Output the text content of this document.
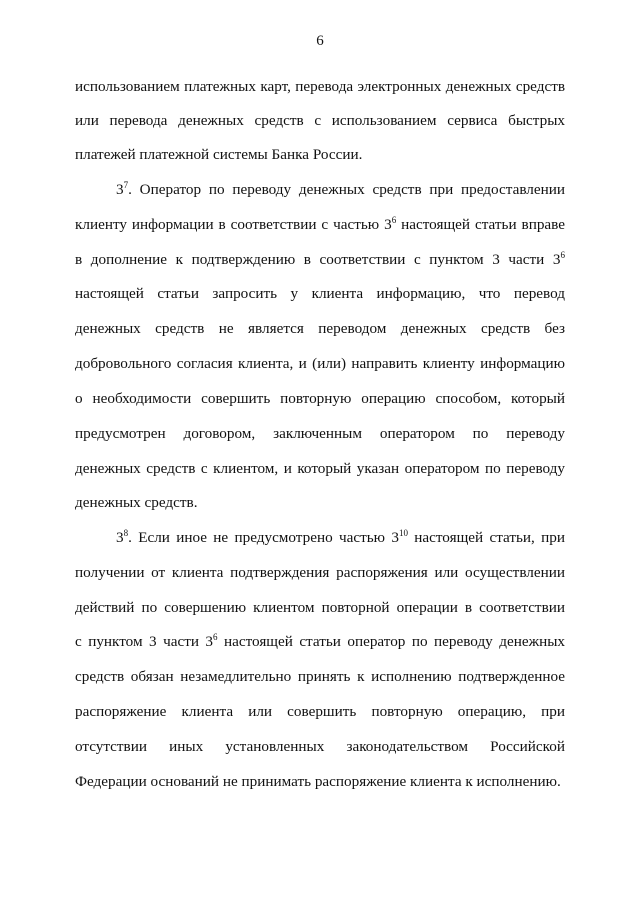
6
использованием платежных карт, перевода электронных денежных средств
или перевода денежных средств с использованием сервиса быстрых
платежей платежной системы Банка России.
$3^7$. Оператор по переводу денежных средств при предоставлении
клиенту информации в соответствии с частью $3^6$ настоящей статьи вправе
в дополнение к подтверждению в соответствии с пунктом 3 части $3^6$
настоящей статьи запросить у клиента информацию, что перевод
денежных средств не является переводом денежных средств без
добровольного согласия клиента, и (или) направить клиенту информацию
о необходимости совершить повторную операцию способом, который
предусмотрен договором, заключенным оператором по переводу
денежных средств с клиентом, и который указан оператором по переводу
денежных средств.
$3^8$. Если иное не предусмотрено частью $3^{10}$ настоящей статьи, при
получении от клиента подтверждения распоряжения или осуществлении
действий по совершению клиентом повторной операции в соответствии
с пунктом 3 части $3^6$ настоящей статьи оператор по переводу денежных
средств обязан незамедлительно принять к исполнению подтвержденное
распоряжение клиента или совершить повторную операцию, при
отсутствии иных установленных законодательством Российской
Федерации оснований не принимать распоряжение клиента к исполнению.
